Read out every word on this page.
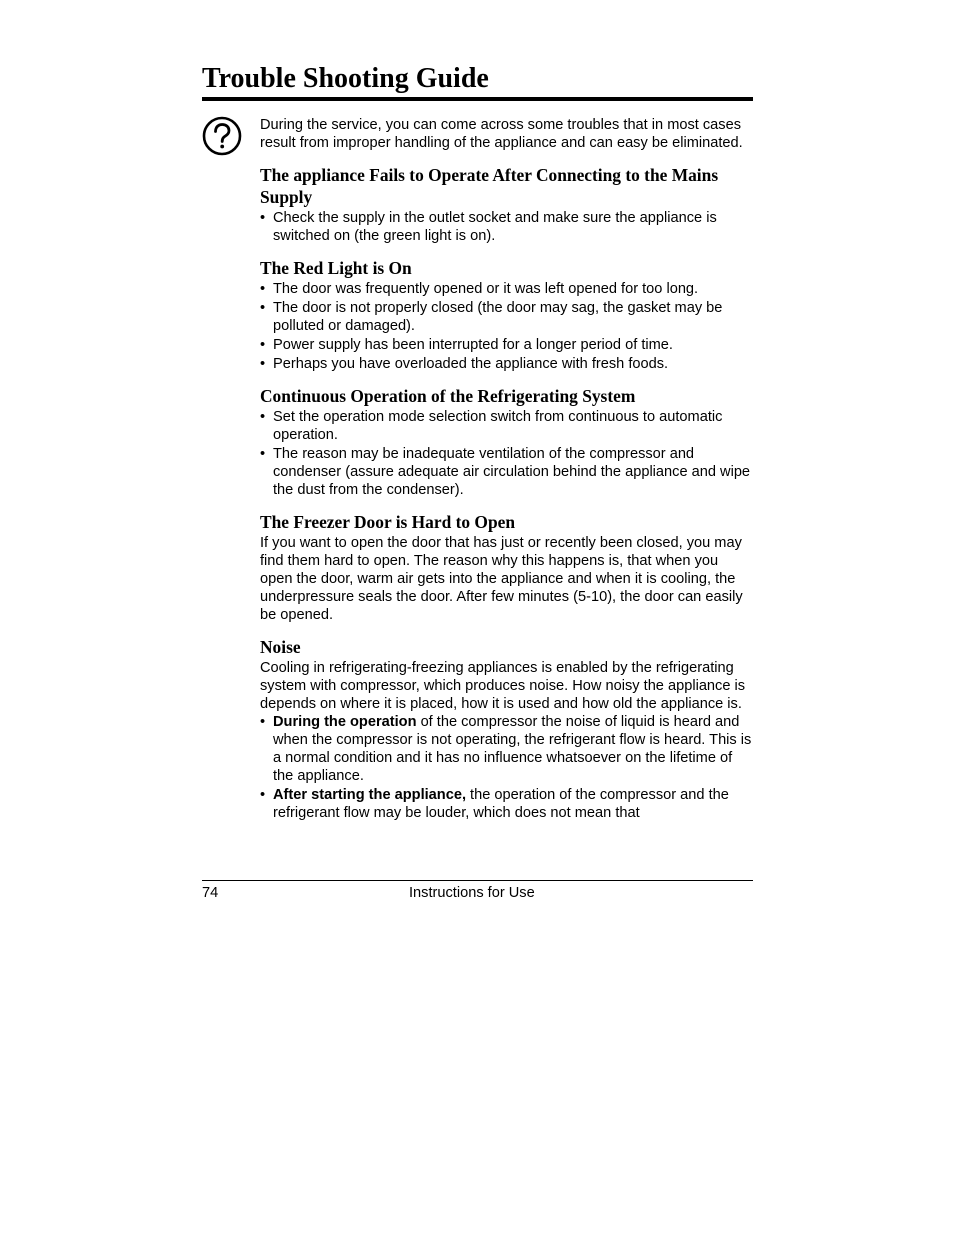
Trouble Shooting Guide

During the service, you can come across some troubles that in most cases result from improper handling of the appliance and can easy be eliminated.

The appliance Fails to Operate After Connecting to the Mains Supply
• Check the supply in the outlet socket and make sure the appliance is switched on (the green light is on).
The Red Light is On
• The door was frequently opened or it was left opened for too long.
• The door is not properly closed (the door may sag, the gasket may be polluted or damaged).
• Power supply has been interrupted for a longer period of time.
• Perhaps you have overloaded the appliance with fresh foods.
Continuous Operation of the Refrigerating System
• Set the operation mode selection switch from continuous to automatic operation.
• The reason may be inadequate ventilation of the compressor and condenser (assure adequate air circulation behind the appliance and wipe the dust from the condenser).
The Freezer Door is Hard to Open

If you want to open the door that has just or recently been closed, you may find them hard to open. The reason why this happens is, that when you open the door, warm air gets into the appliance and when it is cooling, the underpressure seals the door. After few minutes (5-10), the door can easily be opened.

Noise

Cooling in refrigerating-freezing appliances is enabled by the refrigerating system with compressor, which produces noise. How noisy the appliance is depends on where it is placed, how it is used and how old the appliance is.

• During the operation of the compressor the noise of liquid is heard and when the compressor is not operating, the refrigerant flow is heard. This is a normal condition and it has no influence whatsoever on the lifetime of the appliance.
• After starting the appliance, the operation of the compressor and the refrigerant flow may be louder, which does not mean that
74	Instructions for Use
